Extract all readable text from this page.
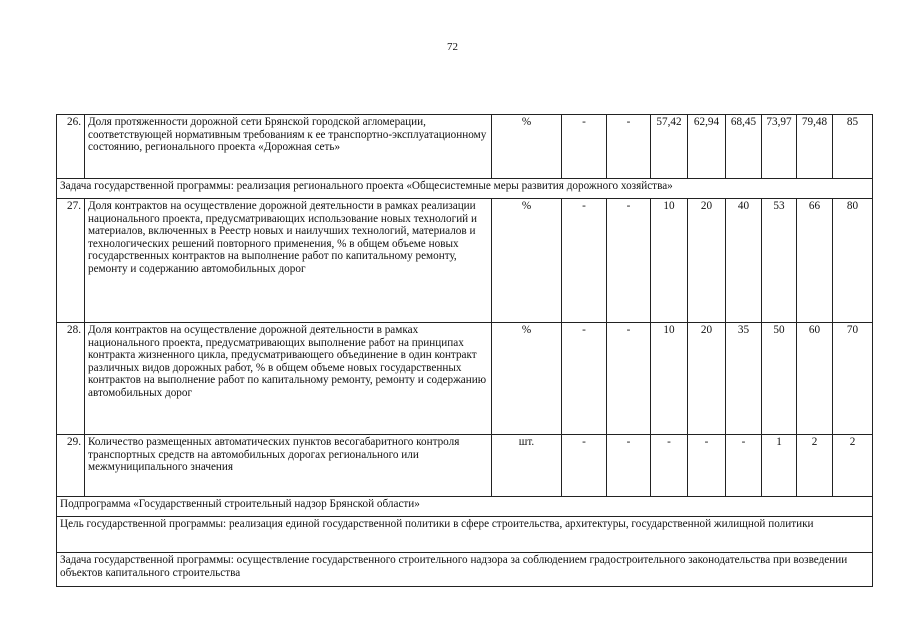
72
26.	Доля протяженности дорожной сети Брянской городской агломерации, соответствующей нормативным требованиям к ее транспортно-эксплуатационному состоянию, регионального проекта «Дорожная сеть»	%	-	-	57,42	62,94	68,45	73,97	79,48	85
Задача государственной программы: реализация регионального проекта «Общесистемные меры развития дорожного хозяйства»										
27.	Доля контрактов на осуществление дорожной деятельности в рамках реализации национального проекта, предусматривающих использование новых технологий и материалов, включенных в Реестр новых и наилучших технологий, материалов и технологических решений повторного применения, % в общем объеме новых государственных контрактов на выполнение работ по капитальному ремонту, ремонту и содержанию автомобильных дорог	%	-	-	10	20	40	53	66	80
28.	Доля контрактов на осуществление дорожной деятельности в рамках национального проекта, предусматривающих выполнение работ на принципах контракта жизненного цикла, предусматривающего объединение в один контракт различных видов дорожных работ, % в общем объеме новых государственных контрактов на выполнение работ по капитальному ремонту, ремонту и содержанию автомобильных дорог	%	-	-	10	20	35	50	60	70
29.	Количество размещенных автоматических пунктов весогабаритного контроля транспортных средств на автомобильных дорогах регионального или межмуниципального значения	шт.	-	-	-	-	-	1	2	2
Подпрограмма «Государственный строительный надзор Брянской области»										
Цель государственной программы: реализация единой государственной политики в сфере строительства, архитектуры, государственной жилищной политики										
Задача государственной программы: осуществление государственного строительного надзора за соблюдением градостроительного законодательства при возведении объектов капитального строительства										
